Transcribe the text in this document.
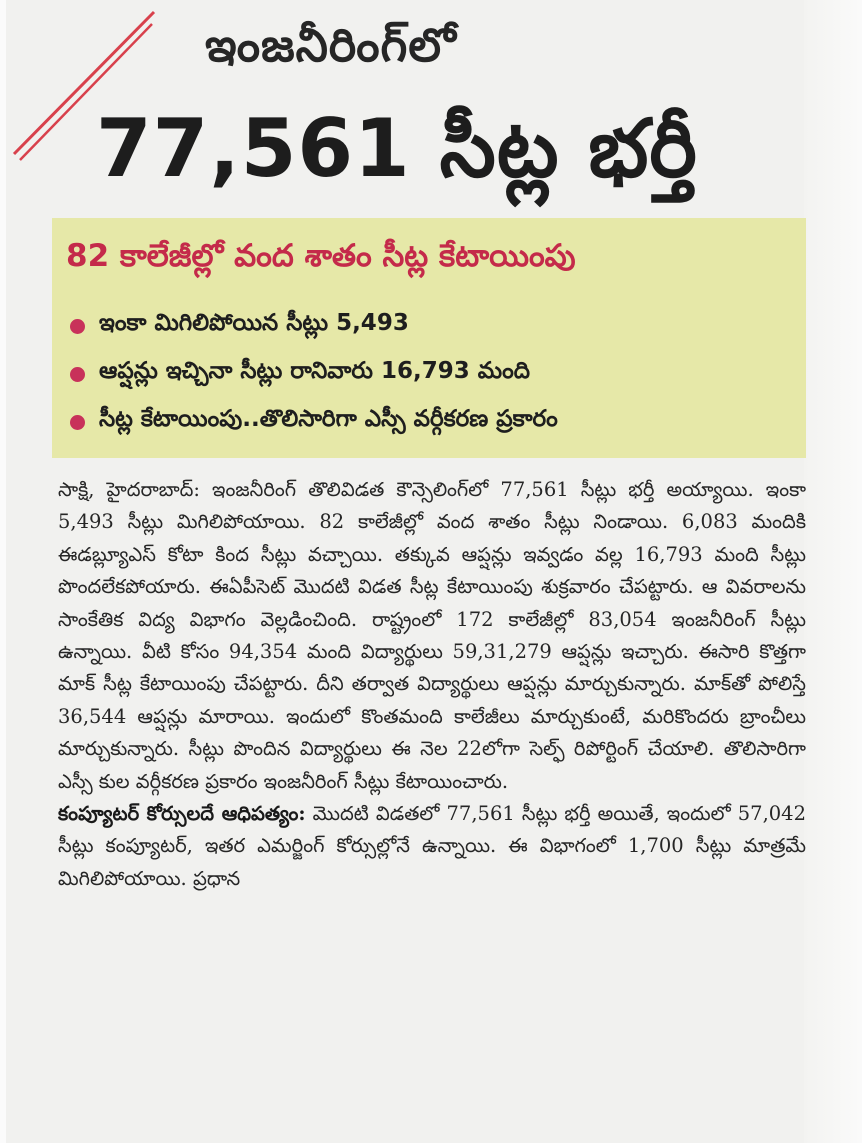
ఇంజనీరింగ్‌లో
77,561 సీట్ల భర్తీ
82 కాలేజీల్లో వంద శాతం సీట్ల కేటాయింపు
ఇంకా మిగిలిపోయిన సీట్లు 5,493
ఆప్షన్లు ఇచ్చినా సీట్లు రానివారు 16,793 మంది
సీట్ల కేటాయింపు..తొలిసారిగా ఎస్సీ వర్గీకరణ ప్రకారం

సాక్షి, హైదరాబాద్‌: ఇంజనీరింగ్‌ తొలివిడత కౌన్సెలింగ్‌లో 77,561 సీట్లు భర్తీ అయ్యాయి. ఇంకా 5,493 సీట్లు మిగిలిపోయాయి. 82 కాలేజీల్లో వంద శాతం సీట్లు నిండాయి. 6,083 మందికి ఈడబ్ల్యూఎస్‌ కోటా కింద సీట్లు వచ్చాయి. తక్కువ ఆప్షన్లు ఇవ్వడం వల్ల 16,793 మంది సీట్లు పొందలేకపోయారు. ఈఏపీసెట్‌ మొదటి విడత సీట్ల కేటాయింపు శుక్రవారం చేపట్టారు. ఆ వివరాలను సాంకేతిక విద్య విభాగం వెల్లడించింది. రాష్ట్రంలో 172 కాలేజీల్లో 83,054 ఇంజనీరింగ్‌ సీట్లు ఉన్నాయి. వీటి కోసం 94,354 మంది విద్యార్థులు 59,31,279 ఆప్షన్లు ఇచ్చారు. ఈసారి కొత్తగా మాక్‌ సీట్ల కేటాయింపు చేపట్టారు. దీని తర్వాత విద్యార్థులు ఆప్షన్లు మార్చుకున్నారు. మాక్‌తో పోలిస్తే 36,544 ఆప్షన్లు మారాయి. ఇందులో కొంతమంది కాలేజీలు మార్చుకుంటే, మరికొందరు బ్రాంచీలు మార్చుకున్నారు. సీట్లు పొందిన విద్యార్థులు ఈ నెల 22లోగా సెల్ఫ్‌ రిపోర్టింగ్‌ చేయాలి. తొలిసారిగా ఎస్సీ కుల వర్గీకరణ ప్రకారం ఇంజనీరింగ్‌ సీట్లు కేటాయించారు.

కంప్యూటర్‌ కోర్సులదే ఆధిపత్యం: మొదటి విడతలో 77,561 సీట్లు భర్తీ అయితే, ఇందులో 57,042 సీట్లు కంప్యూటర్‌, ఇతర ఎమర్జింగ్‌ కోర్సుల్లోనే ఉన్నాయి. ఈ విభాగంలో 1,700 సీట్లు మాత్రమే మిగిలిపోయాయి. ప్రధాన
